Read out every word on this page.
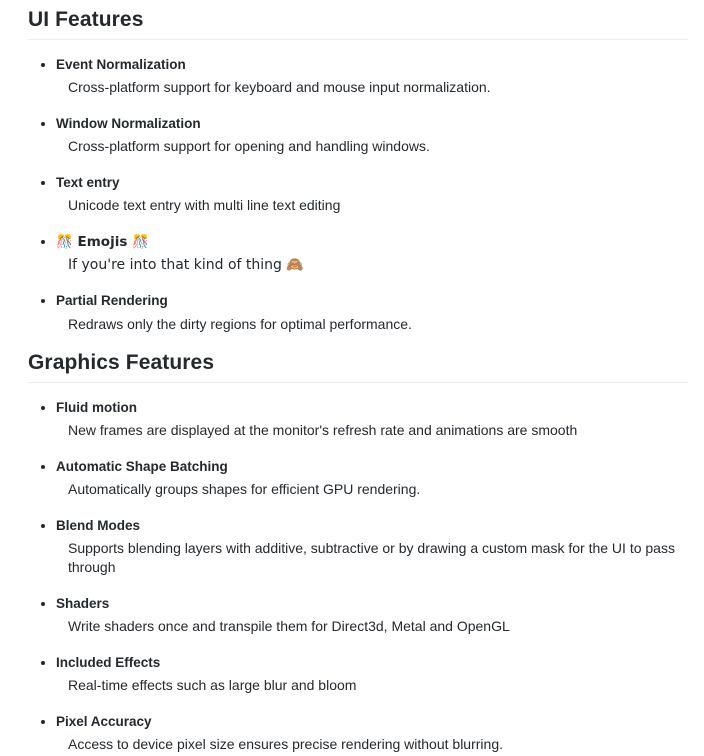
UI Features
• Event Normalization
Cross-platform support for keyboard and mouse input normalization.
• Window Normalization
Cross-platform support for opening and handling windows.
• Text entry
Unicode text entry with multi line text editing
• 🎊 Emojis 🎊
If you're into that kind of thing 🙈
• Partial Rendering
Redraws only the dirty regions for optimal performance.
Graphics Features
• Fluid motion
New frames are displayed at the monitor's refresh rate and animations are smooth
• Automatic Shape Batching
Automatically groups shapes for efficient GPU rendering.
• Blend Modes
Supports blending layers with additive, subtractive or by drawing a custom mask for the UI to pass through
• Shaders
Write shaders once and transpile them for Direct3d, Metal and OpenGL
• Included Effects
Real-time effects such as large blur and bloom
• Pixel Accuracy
Access to device pixel size ensures precise rendering without blurring.
